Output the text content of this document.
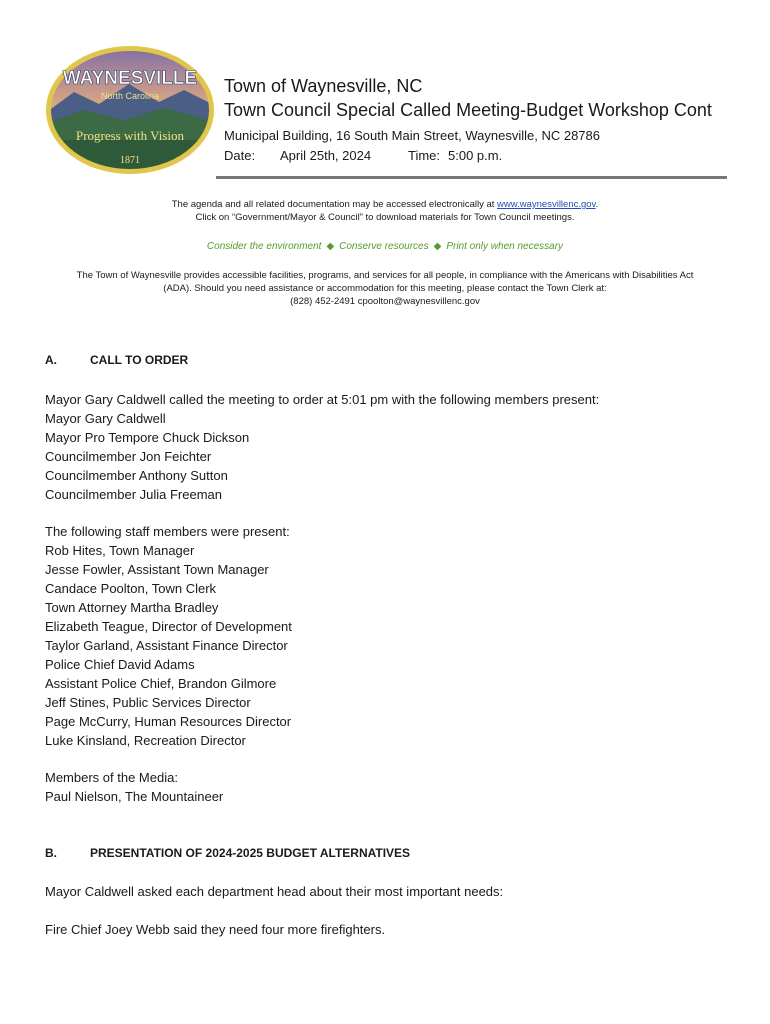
WAYNESVILLE
North Carolina
Progress with Vision
1871
Town of Waynesville, NC
Town Council Special Called Meeting-Budget Workshop Cont
Municipal Building, 16 South Main Street, Waynesville, NC 28786
Date: April 25th, 2024	Time: 5:00 p.m.
The agenda and all related documentation may be accessed electronically at www.waynesvillenc.gov.
Click on “Government/Mayor & Council” to download materials for Town Council meetings.
Consider the environment ◆ Conserve resources ◆ Print only when necessary
The Town of Waynesville provides accessible facilities, programs, and services for all people, in compliance with the Americans with Disabilities Act
(ADA). Should you need assistance or accommodation for this meeting, please contact the Town Clerk at:
(828) 452-2491 cpoolton@waynesvillenc.gov
A.	CALL TO ORDER
Mayor Gary Caldwell called the meeting to order at 5:01 pm with the following members present:
Mayor Gary Caldwell
Mayor Pro Tempore Chuck Dickson
Councilmember Jon Feichter
Councilmember Anthony Sutton
Councilmember Julia Freeman
The following staff members were present:
Rob Hites, Town Manager
Jesse Fowler, Assistant Town Manager
Candace Poolton, Town Clerk
Town Attorney Martha Bradley
Elizabeth Teague, Director of Development
Taylor Garland, Assistant Finance Director
Police Chief David Adams
Assistant Police Chief, Brandon Gilmore
Jeff Stines, Public Services Director
Page McCurry, Human Resources Director
Luke Kinsland, Recreation Director
Members of the Media:
Paul Nielson, The Mountaineer
B.	PRESENTATION OF 2024-2025 BUDGET ALTERNATIVES
Mayor Caldwell asked each department head about their most important needs:
Fire Chief Joey Webb said they need four more firefighters.
